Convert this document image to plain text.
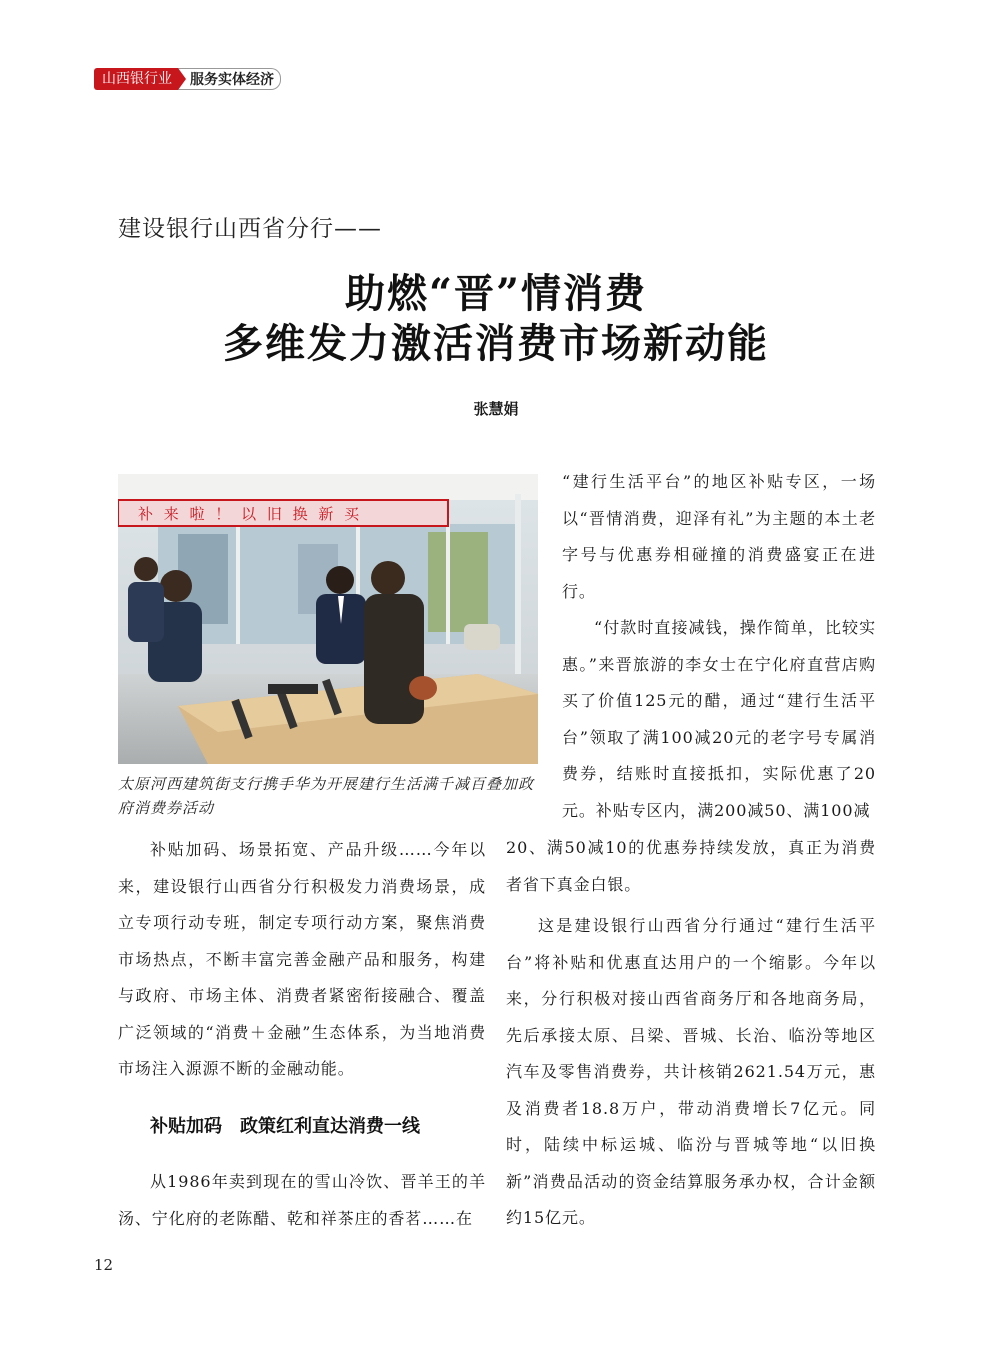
山西银行业	服务实体经济
建设银行山西省分行——
助燃“晋”情消费
多维发力激活消费市场新动能
张慧娟
补 来 啦 ！ 以 旧 换 新 买
太原河西建筑街支行携手华为开展建行生活满千减百叠加政府消费券活动

“建行生活平台”的地区补贴专区，一场以“晋情消费，迎泽有礼”为主题的本土老字号与优惠券相碰撞的消费盛宴正在进行。

“付款时直接减钱，操作简单，比较实惠。”来晋旅游的李女士在宁化府直营店购买了价值125元的醋，通过“建行生活平台”领取了满100减20元的老字号专属消费券，结账时直接抵扣，实际优惠了20元。补贴专区内，满200减50、满100减

20、满50减10的优惠券持续发放，真正为消费者省下真金白银。

这是建设银行山西省分行通过“建行生活平台”将补贴和优惠直达用户的一个缩影。今年以来，分行积极对接山西省商务厅和各地商务局，先后承接太原、吕梁、晋城、长治、临汾等地区汽车及零售消费券，共计核销2621.54万元，惠及消费者18.8万户，带动消费增长7亿元。同时，陆续中标运城、临汾与晋城等地“以旧换新”消费品活动的资金结算服务承办权，合计金额约15亿元。

补贴加码、场景拓宽、产品升级……今年以来，建设银行山西省分行积极发力消费场景，成立专项行动专班，制定专项行动方案，聚焦消费市场热点，不断丰富完善金融产品和服务，构建与政府、市场主体、消费者紧密衔接融合、覆盖广泛领域的“消费＋金融”生态体系，为当地消费市场注入源源不断的金融动能。

补贴加码　政策红利直达消费一线

从1986年卖到现在的雪山冷饮、晋羊王的羊汤、宁化府的老陈醋、乾和祥茶庄的香茗……在

12
